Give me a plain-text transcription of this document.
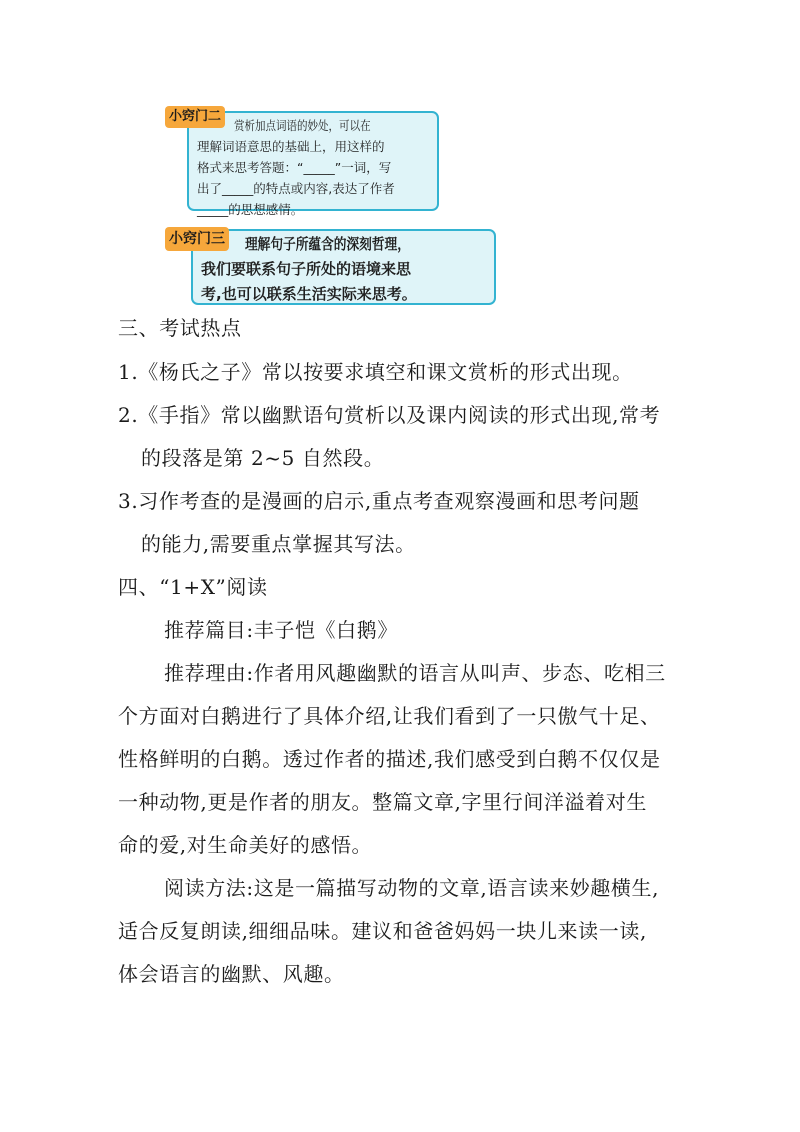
赏析加点词语的妙处，可以在
理解词语意思的基础上，用这样的
格式来思考答题：“_____”一词，写
出了_____的特点或内容,表达了作者
_____的思想感情。
小窍门二
理解句子所蕴含的深刻哲理，
我们要联系句子所处的语境来思
考,也可以联系生活实际来思考。
小窍门三
三、考试热点
1.《杨氏之子》常以按要求填空和课文赏析的形式出现。
2.《手指》常以幽默语句赏析以及课内阅读的形式出现,常考
的段落是第 2~5 自然段。
3.习作考查的是漫画的启示,重点考查观察漫画和思考问题
的能力,需要重点掌握其写法。
四、“1+X”阅读
推荐篇目:丰子恺《白鹅》
推荐理由:作者用风趣幽默的语言从叫声、步态、吃相三
个方面对白鹅进行了具体介绍,让我们看到了一只傲气十足、
性格鲜明的白鹅。透过作者的描述,我们感受到白鹅不仅仅是
一种动物,更是作者的朋友。整篇文章,字里行间洋溢着对生
命的爱,对生命美好的感悟。
阅读方法:这是一篇描写动物的文章,语言读来妙趣横生,
适合反复朗读,细细品味。建议和爸爸妈妈一块儿来读一读,
体会语言的幽默、风趣。
